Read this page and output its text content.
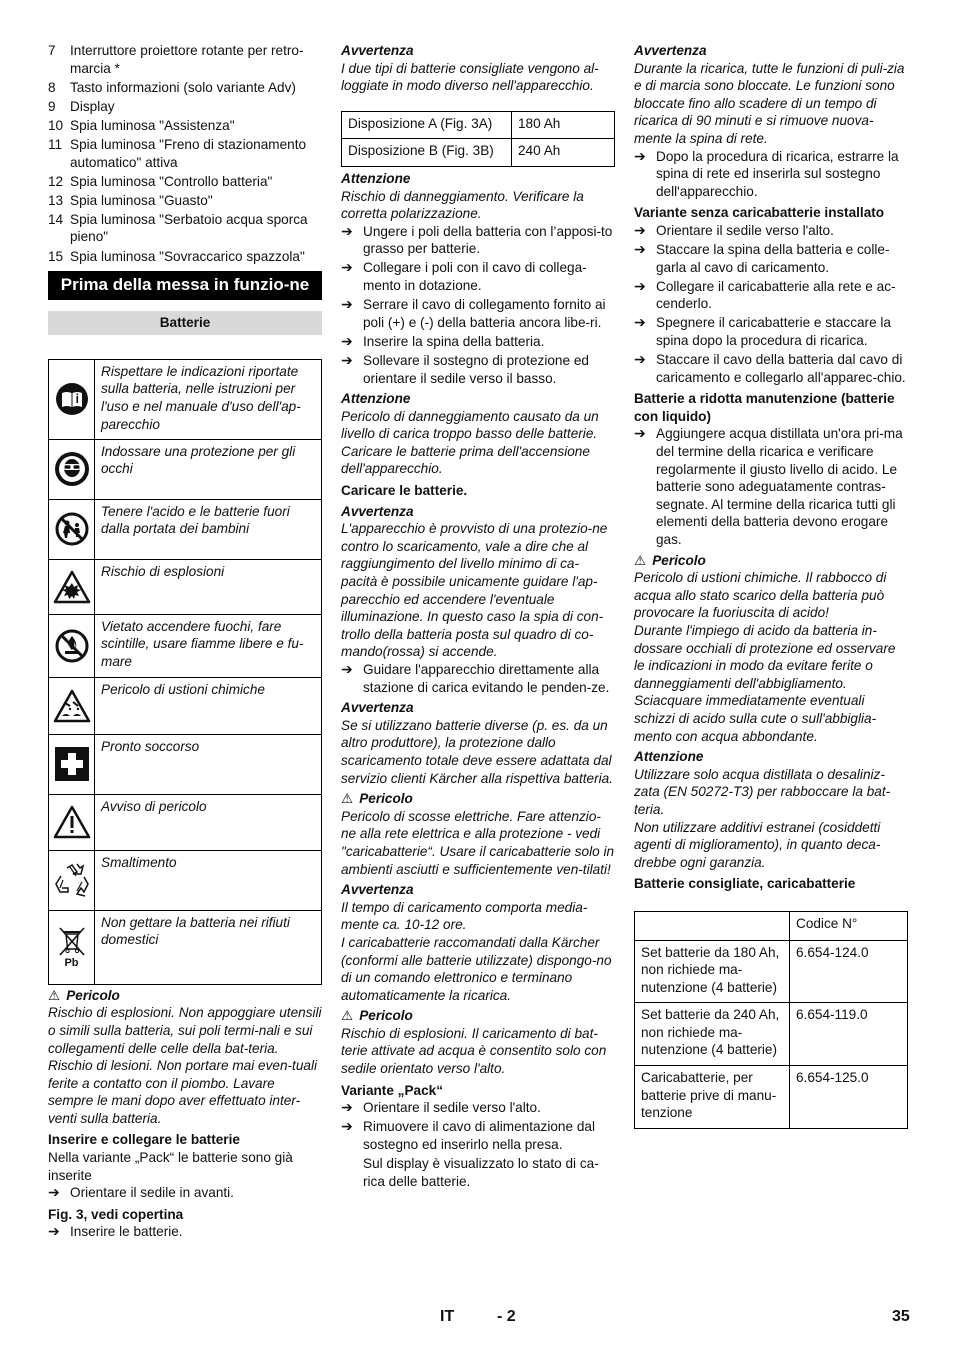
7	Interruttore proiettore rotante per retro-marcia *
8	Tasto informazioni (solo variante Adv)
9	Display
10 Spia luminosa "Assistenza"
11 Spia luminosa "Freno di stazionamento automatico" attiva
12 Spia luminosa "Controllo batteria"
13 Spia luminosa "Guasto"
14 Spia luminosa "Serbatoio acqua sporca pieno"
15 Spia luminosa "Sovraccarico spazzola"
Prima della messa in funzio-ne
Batterie
	Rispettare le indicazioni riportate sulla batteria, nelle istruzioni per l'uso e nel manuale d'uso dell'ap-parecchio

	Indossare una protezione per gli occhi

	Tenere l'acido e le batterie fuori dalla portata dei bambini

	Rischio di esplosioni

	Vietato accendere fuochi, fare scintille, usare fiamme libere e fu-mare

	Pericolo di ustioni chimiche

	Pronto soccorso

	Avviso di pericolo

	Smaltimento

Pb	Non gettare la batteria nei rifiuti domestici
⚠ Pericolo
Rischio di esplosioni. Non appoggiare utensili o simili sulla batteria, sui poli termi-nali e sui collegamenti delle celle della bat-teria.
Rischio di lesioni. Non portare mai even-tuali ferite a contatto con il piombo. Lavare sempre le mani dopo aver effettuato inter-venti sulla batteria.
Inserire e collegare le batterie
Nella variante „Pack“ le batterie sono già inserite
➔ Orientare il sedile in avanti.
Fig. 3, vedi copertina
➔ Inserire le batterie.
Avvertenza
I due tipi di batterie consigliate vengono al-loggiate in modo diverso nell'apparecchio.
Disposizione A (Fig. 3A)	180 Ah
Disposizione B (Fig. 3B)	240 Ah
Attenzione
Rischio di danneggiamento. Verificare la corretta polarizzazione.
➔ Ungere i poli della batteria con l’apposi-to grasso per batterie.
➔ Collegare i poli con il cavo di collega-mento in dotazione.
➔ Serrare il cavo di collegamento fornito ai poli (+) e (-) della batteria ancora libe-ri.
➔ Inserire la spina della batteria.
➔ Sollevare il sostegno di protezione ed orientare il sedile verso il basso.
Attenzione
Pericolo di danneggiamento causato da un livello di carica troppo basso delle batterie. Caricare le batterie prima dell'accensione dell'apparecchio.
Caricare le batterie.
Avvertenza
L'apparecchio è provvisto di una protezio-ne contro lo scaricamento, vale a dire che al raggiungimento del livello minimo di ca-pacità è possibile unicamente guidare l'ap-parecchio ed accendere l'eventuale illuminazione. In questo caso la spia di con-trollo della batteria posta sul quadro di co-mando(rossa) si accende.
➔ Guidare l'apparecchio direttamente alla stazione di carica evitando le penden-ze.
Avvertenza
Se si utilizzano batterie diverse (p. es. da un altro produttore), la protezione dallo scaricamento totale deve essere adattata dal servizio clienti Kärcher alla rispettiva batteria.
⚠ Pericolo
Pericolo di scosse elettriche. Fare attenzio-ne alla rete elettrica e alla protezione - vedi "caricabatterie“. Usare il caricabatterie solo in ambienti asciutti e sufficientemente ven-tilati!
Avvertenza
Il tempo di caricamento comporta media-mente ca. 10-12 ore.
I caricabatterie raccomandati dalla Kärcher (conformi alle batterie utilizzate) dispongo-no di un comando elettronico e terminano automaticamente la ricarica.
⚠ Pericolo
Rischio di esplosioni. Il caricamento di bat-terie attivate ad acqua è consentito solo con sedile orientato verso l'alto.
Variante „Pack“
➔ Orientare il sedile verso l'alto.
➔ Rimuovere il cavo di alimentazione dal sostegno ed inserirlo nella presa.
Sul display è visualizzato lo stato di ca-rica delle batterie.
Avvertenza
Durante la ricarica, tutte le funzioni di puli-zia e di marcia sono bloccate. Le funzioni sono bloccate fino allo scadere di un tempo di ricarica di 90 minuti e si rimuove nuova-mente la spina di rete.
➔ Dopo la procedura di ricarica, estrarre la spina di rete ed inserirla sul sostegno dell'apparecchio.
Variante senza caricabatterie installato
➔ Orientare il sedile verso l'alto.
➔ Staccare la spina della batteria e colle-garla al cavo di caricamento.
➔ Collegare il caricabatterie alla rete e ac-cenderlo.
➔ Spegnere il caricabatterie e staccare la spina dopo la procedura di ricarica.
➔ Staccare il cavo della batteria dal cavo di caricamento e collegarlo all'apparec-chio.
Batterie a ridotta manutenzione (batterie con liquido)
➔ Aggiungere acqua distillata un'ora pri-ma del termine della ricarica e verificare regolarmente il giusto livello di acido. Le batterie sono adeguatamente contras-segnate. Al termine della ricarica tutti gli elementi della batteria devono erogare gas.
⚠ Pericolo
Pericolo di ustioni chimiche. Il rabbocco di acqua allo stato scarico della batteria può provocare la fuoriuscita di acido!
Durante l'impiego di acido da batteria in-dossare occhiali di protezione ed osservare le indicazioni in modo da evitare ferite o danneggiamenti dell'abbigliamento.
Sciacquare immediatamente eventuali schizzi di acido sulla cute o sull'abbiglia-mento con acqua abbondante.
Attenzione
Utilizzare solo acqua distillata o desaliniz-zata (EN 50272-T3) per rabboccare la bat-teria.
Non utilizzare additivi estranei (cosiddetti agenti di miglioramento), in quanto deca-drebbe ogni garanzia.
Batterie consigliate, caricabatterie
	Codice N°
Set batterie da 180 Ah, non richiede ma-nutenzione (4 batterie)	6.654-124.0
Set batterie da 240 Ah, non richiede ma-nutenzione (4 batterie)	6.654-119.0
Caricabatterie, per batterie prive di manu-tenzione	6.654-125.0
IT	- 2	35
